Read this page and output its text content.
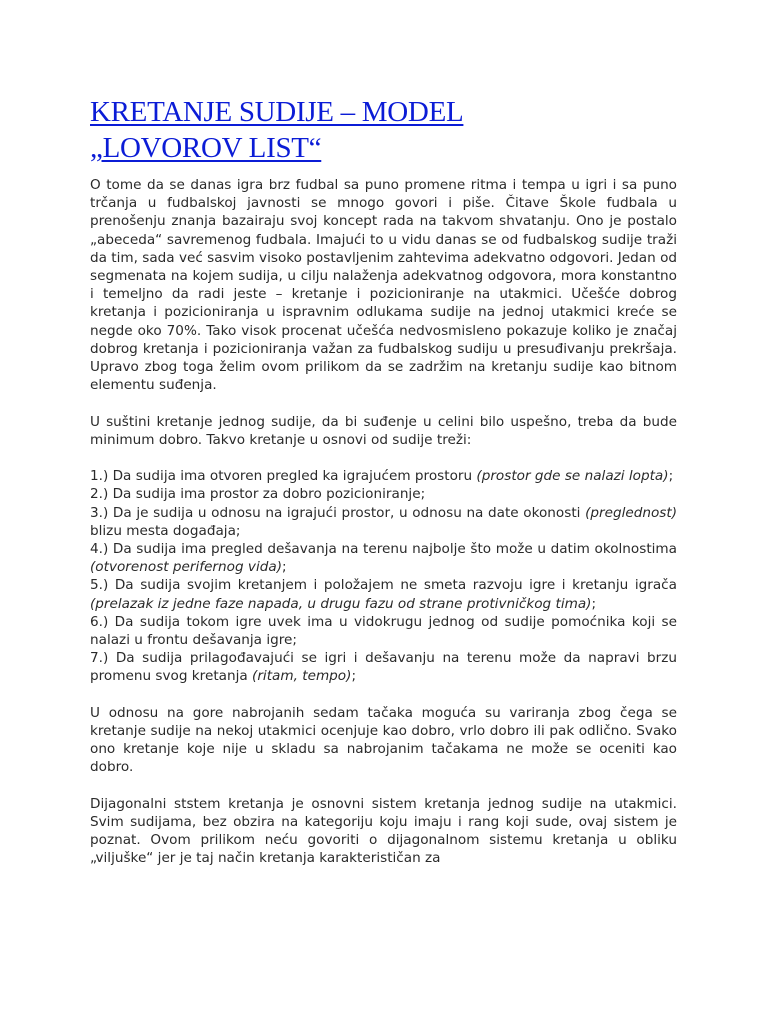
KRETANJE SUDIJE – MODEL
„LOVOROV LIST“

O tome da se danas igra brz fudbal sa puno promene ritma i tempa u igri i sa puno trčanja u fudbalskoj javnosti se mnogo govori i piše. Čitave Škole fudbala u prenošenju znanja bazairaju svoj koncept rada na takvom shvatanju. Ono je postalo „abeceda“ savremenog fudbala. Imajući to u vidu danas se od fudbalskog sudije traži da tim, sada već sasvim visoko postavljenim zahtevima adekvatno odgovori. Jedan od segmenata na kojem sudija, u cilju nalaženja adekvatnog odgovora, mora konstantno i temeljno da radi jeste – kretanje i pozicioniranje na utakmici. Učešće dobrog kretanja i pozicioniranja u ispravnim odlukama sudije na jednoj utakmici kreće se negde oko 70%. Tako visok procenat učešća nedvosmisleno pokazuje koliko je značaj dobrog kretanja i pozicioniranja važan za fudbalskog sudiju u presuđivanju prekršaja. Upravo zbog toga želim ovom prilikom da se zadržim na kretanju sudije kao bitnom elementu suđenja.

U suštini kretanje jednog sudije, da bi suđenje u celini bilo uspešno, treba da bude minimum dobro. Takvo kretanje u osnovi od sudije treži:

1.) Da sudija ima otvoren pregled ka igrajućem prostoru (prostor gde se nalazi lopta);
2.) Da sudija ima prostor za dobro pozicioniranje;
3.) Da je sudija u odnosu na igrajući prostor, u odnosu na date okonosti (preglednost) blizu mesta događaja;
4.) Da sudija ima pregled dešavanja na terenu najbolje što može u datim okolnostima (otvorenost perifernog vida);
5.) Da sudija svojim kretanjem i položajem ne smeta razvoju igre i kretanju igrača (prelazak iz jedne faze napada, u drugu fazu od strane protivničkog tima);
6.) Da sudija tokom igre uvek ima u vidokrugu jednog od sudije pomoćnika koji se nalazi u frontu dešavanja igre;
7.) Da sudija prilagođavajući se igri i dešavanju na terenu može da napravi brzu promenu svog kretanja (ritam, tempo);

U odnosu na gore nabrojanih sedam tačaka moguća su variranja zbog čega se kretanje sudije na nekoj utakmici ocenjuje kao dobro, vrlo dobro ili pak odlično. Svako ono kretanje koje nije u skladu sa nabrojanim tačakama ne može se oceniti kao dobro.

Dijagonalni ststem kretanja je osnovni sistem kretanja jednog sudije na utakmici. Svim sudijama, bez obzira na kategoriju koju imaju i rang koji sude, ovaj sistem je poznat. Ovom prilikom neću govoriti o dijagonalnom sistemu kretanja u obliku „viljuške“ jer je taj način kretanja karakterističan za
